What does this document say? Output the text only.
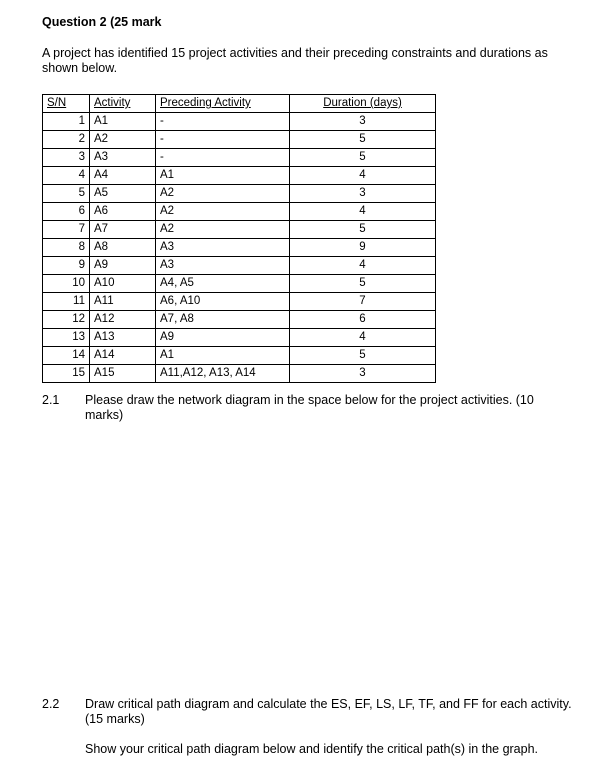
Question 2 (25 mark
A project has identified 15 project activities and their preceding constraints and durations as shown below.
S/N	Activity	Preceding Activity	Duration (days)
1	A1	-	3
2	A2	-	5
3	A3	-	5
4	A4	A1	4
5	A5	A2	3
6	A6	A2	4
7	A7	A2	5
8	A8	A3	9
9	A9	A3	4
10	A10	A4, A5	5
11	A11	A6, A10	7
12	A12	A7, A8	6
13	A13	A9	4
14	A14	A1	5
15	A15	A11,A12, A13, A14	3
2.1 Please draw the network diagram in the space below for the project activities. (10 marks)
2.2 Draw critical path diagram and calculate the ES, EF, LS, LF, TF, and FF for each activity. (15 marks)
Show your critical path diagram below and identify the critical path(s) in the graph.
